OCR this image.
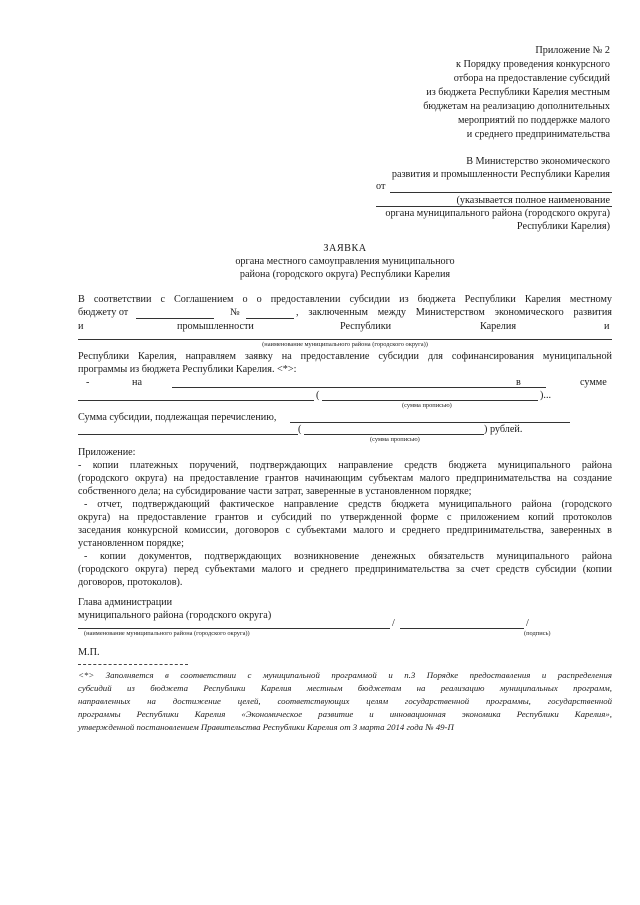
Приложение № 2
к Порядку проведения конкурсного
отбора на предоставление субсидий
из бюджета Республики Карелия местным
бюджетам на реализацию дополнительных
мероприятий по поддержке малого
и среднего предпринимательства
В Министерство экономического
развития и промышленности Республики Карелия
от
(указывается полное наименование
органа муниципального района (городского округа)
Республики Карелия)
ЗАЯВКА
органа местного самоуправления муниципального
района (городского округа) Республики Карелия
В соответствии с Соглашением о о предоставлении субсидии из бюджета Республики Карелия местному
бюджету от	№	, заключенным между Министерством экономического развития
и	промышленности	Республики	Карелия	и
(наименование муниципального района (городского округа))
Республики Карелия, направляем заявку на предоставление субсидии для софинансирования муниципальной
программы из бюджета Республики Карелия. <*>:
-	на	в	сумме
(	)...
(сумма прописью)
Сумма субсидии, подлежащая перечислению,
(	) рублей.
(сумма прописью)
Приложение:
- копии платежных поручений, подтверждающих направление средств бюджета муниципального района
(городского округа) на предоставление грантов начинающим субъектам малого предпринимательства на создание
собственного дела; на субсидирование части затрат, заверенные в установленном порядке;
- отчет, подтверждающий фактическое направление средств бюджета муниципального района (городского
округа) на предоставление грантов и субсидий по утвержденной форме с приложением копий протоколов
заседания конкурсной комиссии, договоров с субъектами малого и среднего предпринимательства, заверенных в
установленном порядке;
- копии документов, подтверждающих возникновение денежных обязательств муниципального района
(городского округа) перед субъектами малого и среднего предпринимательства за счет средств субсидии (копии
договоров, протоколов).
Глава администрации
муниципального района (городского округа)
/	/
(наименование муниципального района (городского округа))	(подпись)
М.П.
<*> Заполняется в соответствии с муниципальной программой и п.3 Порядке предоставления и распределения
субсидий из бюджета Республики Карелия местным бюджетам на реализацию муниципальных программ,
направленных на достижение целей, соответствующих целям государственной программы, государственной
программы Республики Карелия «Экономическое развитие и инновационная экономика Республики Карелия»,
утвержденной постановлением Правительства Республики Карелия от 3 марта 2014 года № 49-П
